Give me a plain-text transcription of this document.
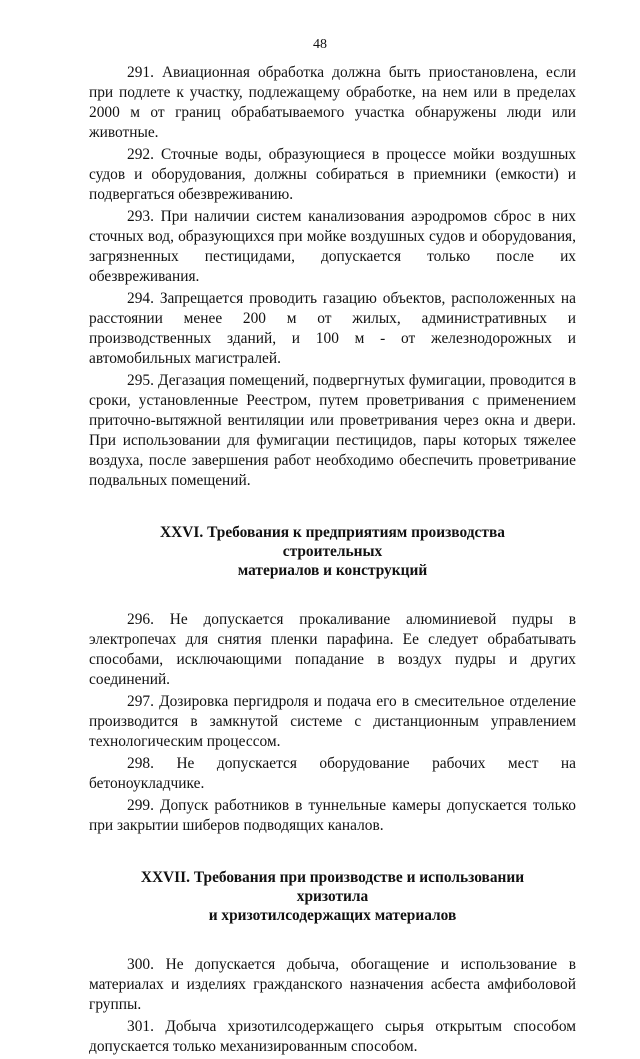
48

291. Авиационная обработка должна быть приостановлена, если при подлете к участку, подлежащему обработке, на нем или в пределах 2000 м от границ обрабатываемого участка обнаружены люди или животные.

292. Сточные воды, образующиеся в процессе мойки воздушных судов и оборудования, должны собираться в приемники (емкости) и подвергаться обезвреживанию.

293. При наличии систем канализования аэродромов сброс в них сточных вод, образующихся при мойке воздушных судов и оборудования, загрязненных пестицидами, допускается только после их обезвреживания.

294. Запрещается проводить газацию объектов, расположенных на расстоянии менее 200 м от жилых, административных и производственных зданий, и 100 м - от железнодорожных и автомобильных магистралей.

295. Дегазация помещений, подвергнутых фумигации, проводится в сроки, установленные Реестром, путем проветривания с применением приточно-вытяжной вентиляции или проветривания через окна и двери. При использовании для фумигации пестицидов, пары которых тяжелее воздуха, после завершения работ необходимо обеспечить проветривание подвальных помещений.

XXVI. Требования к предприятиям производства строительных
материалов и конструкций

296. Не допускается прокаливание алюминиевой пудры в электропечах для снятия пленки парафина. Ее следует обрабатывать способами, исключающими попадание в воздух пудры и других соединений.

297. Дозировка пергидроля и подача его в смесительное отделение производится в замкнутой системе с дистанционным управлением технологическим процессом.

298. Не допускается оборудование рабочих мест на бетоноукладчике.

299. Допуск работников в туннельные камеры допускается только при закрытии шиберов подводящих каналов.

XXVII. Требования при производстве и использовании хризотила
и хризотилсодержащих материалов

300. Не допускается добыча, обогащение и использование в материалах и изделиях гражданского назначения асбеста амфиболовой группы.

301. Добыча хризотилсодержащего сырья открытым способом допускается только механизированным способом.
